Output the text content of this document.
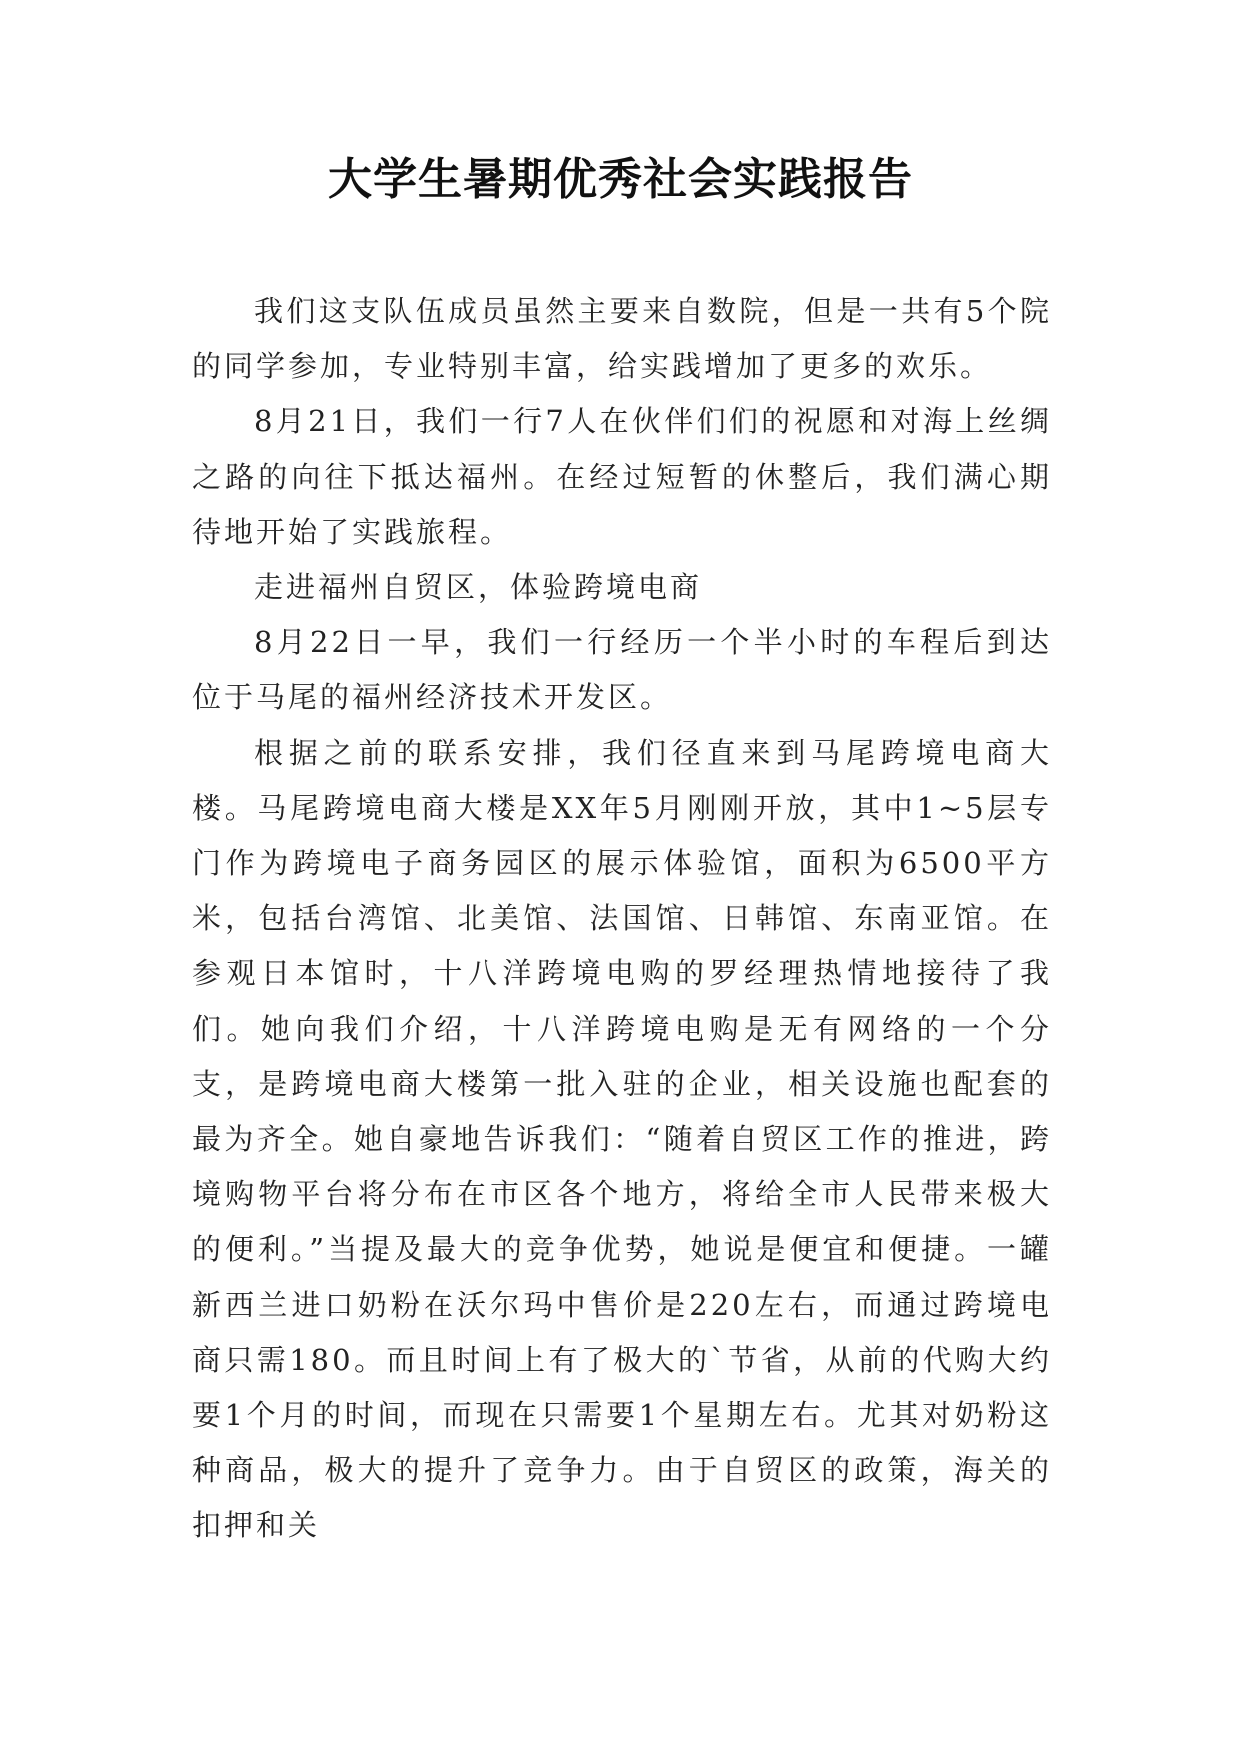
大学生暑期优秀社会实践报告

我们这支队伍成员虽然主要来自数院，但是一共有5个院的同学参加，专业特别丰富，给实践增加了更多的欢乐。

8月21日，我们一行7人在伙伴们们的祝愿和对海上丝绸之路的向往下抵达福州。在经过短暂的休整后，我们满心期待地开始了实践旅程。

走进福州自贸区，体验跨境电商

8月22日一早，我们一行经历一个半小时的车程后到达位于马尾的福州经济技术开发区。

根据之前的联系安排，我们径直来到马尾跨境电商大楼。马尾跨境电商大楼是XX年5月刚刚开放，其中1~5层专门作为跨境电子商务园区的展示体验馆，面积为6500平方米，包括台湾馆、北美馆、法国馆、日韩馆、东南亚馆。在参观日本馆时，十八洋跨境电购的罗经理热情地接待了我们。她向我们介绍，十八洋跨境电购是无有网络的一个分支，是跨境电商大楼第一批入驻的企业，相关设施也配套的最为齐全。她自豪地告诉我们：“随着自贸区工作的推进，跨境购物平台将分布在市区各个地方，将给全市人民带来极大的便利。”当提及最大的竞争优势，她说是便宜和便捷。一罐新西兰进口奶粉在沃尔玛中售价是220左右，而通过跨境电商只需180。而且时间上有了极大的`节省，从前的代购大约要1个月的时间，而现在只需要1个星期左右。尤其对奶粉这种商品，极大的提升了竞争力。由于自贸区的政策，海关的扣押和关
